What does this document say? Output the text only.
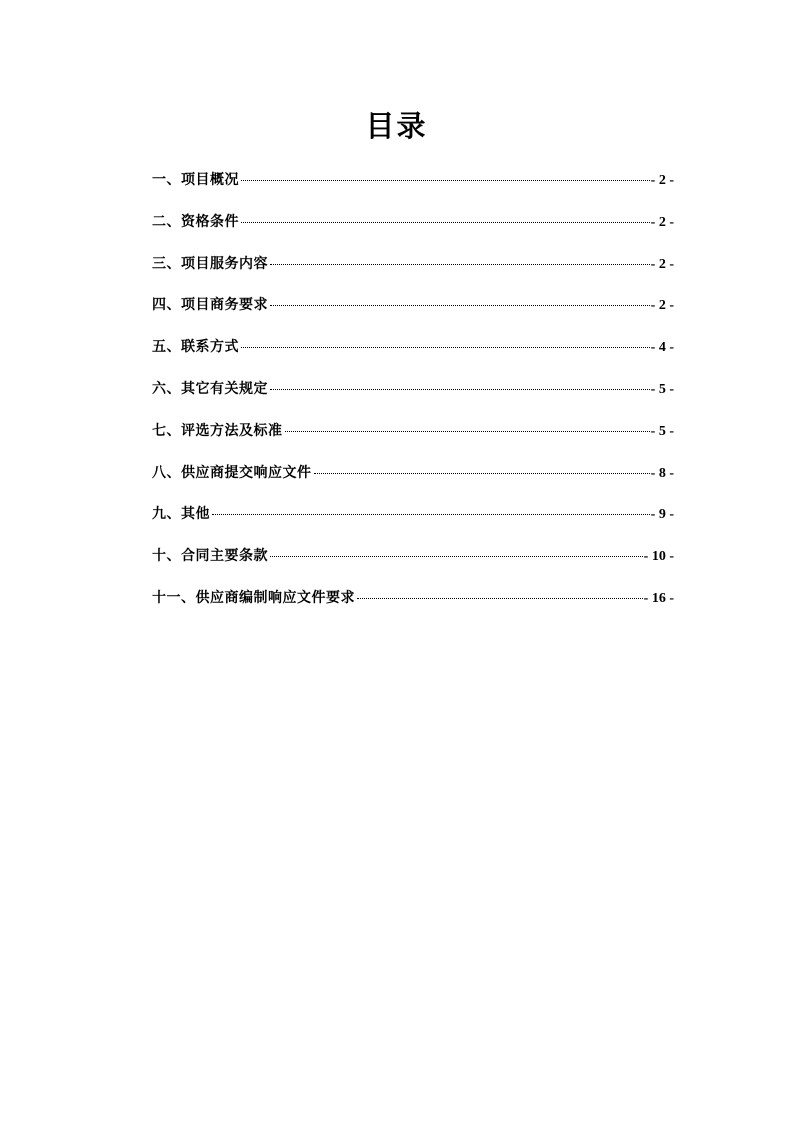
目录
一、项目概况	- 2 -
二、资格条件	- 2 -
三、项目服务内容	- 2 -
四、项目商务要求	- 2 -
五、联系方式	- 4 -
六、其它有关规定	- 5 -
七、评选方法及标准	- 5 -
八、供应商提交响应文件	- 8 -
九、其他	- 9 -
十、合同主要条款	- 10 -
十一、供应商编制响应文件要求	- 16 -
